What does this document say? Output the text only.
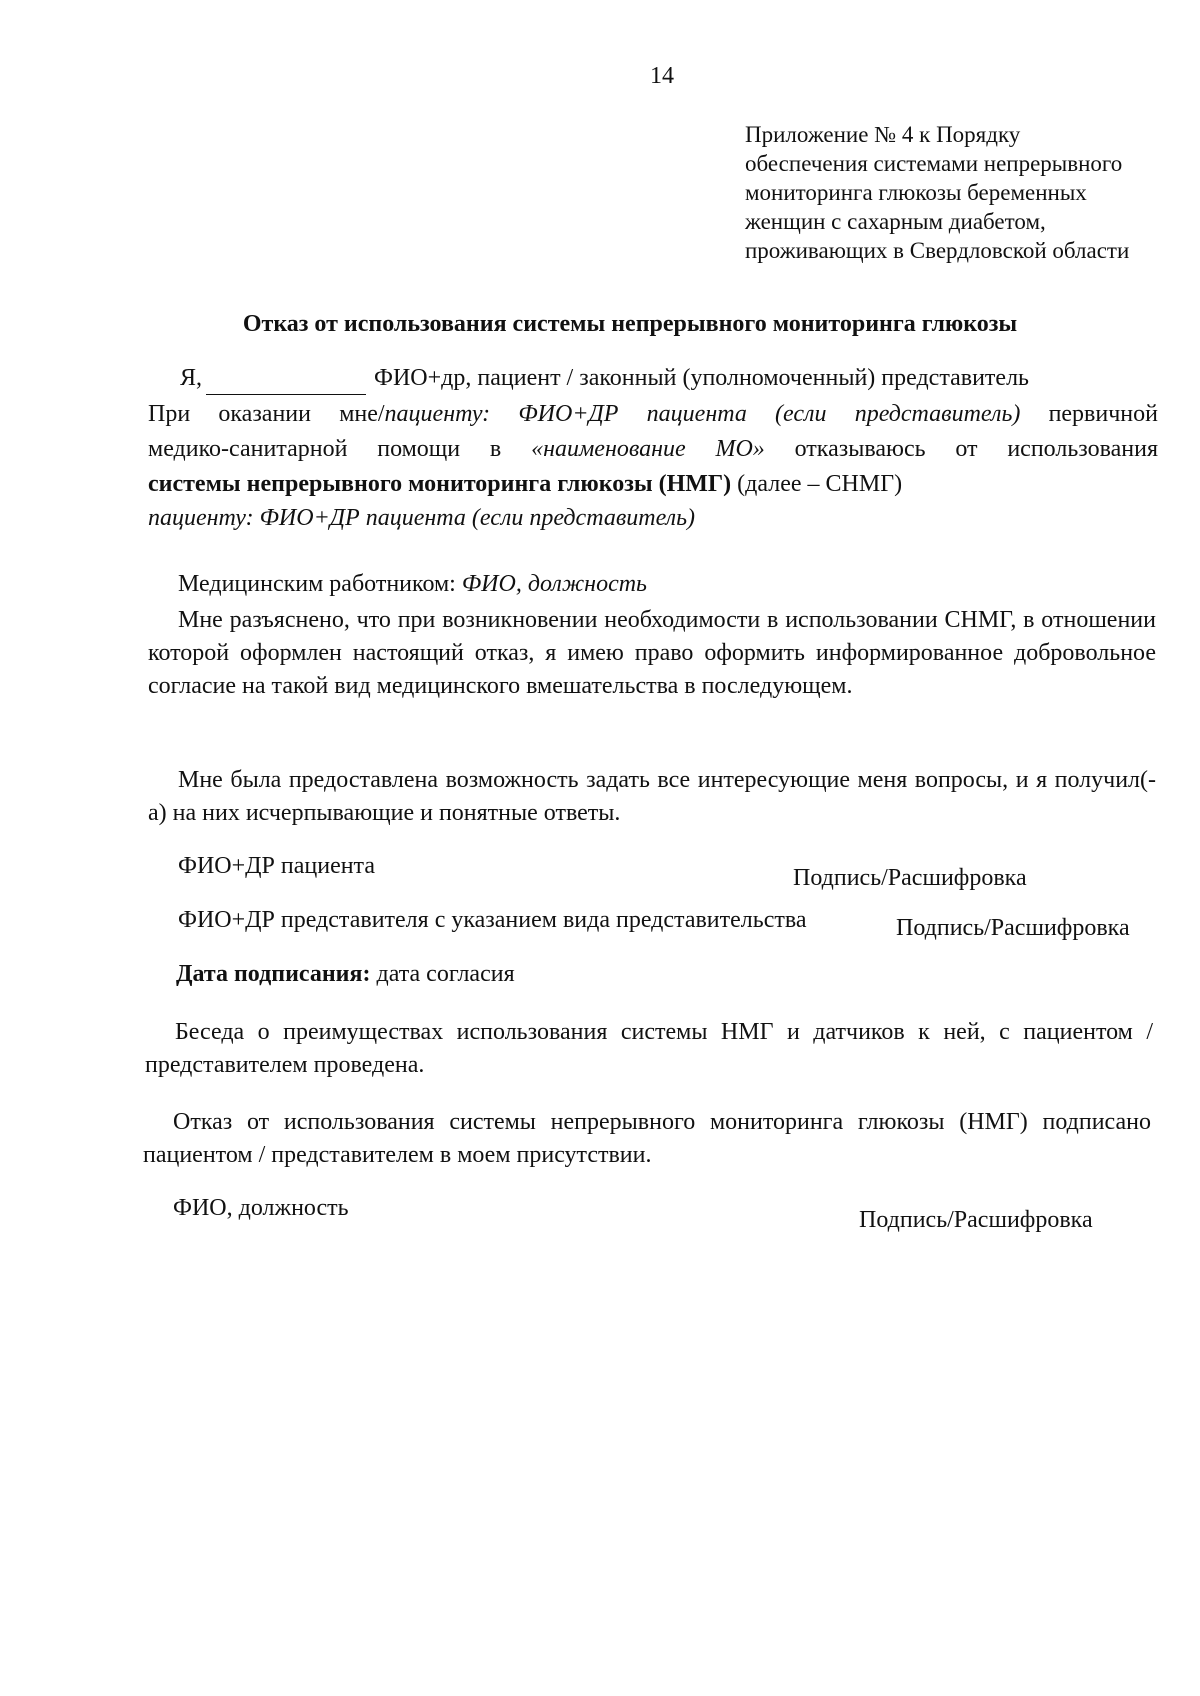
14
Приложение № 4 к Порядку
обеспечения системами непрерывного
мониторинга глюкозы беременных
женщин с сахарным диабетом,
проживающих в Свердловской области
Отказ от использования системы непрерывного мониторинга глюкозы
Я,	ФИО+др, пациент / законный (уполномоченный) представитель
При оказании мне/пациенту: ФИО+ДР пациента (если представитель) первичной
медико-санитарной помощи в «наименование МО» отказываюсь от использования
системы непрерывного мониторинга глюкозы (НМГ) (далее – СНМГ)
пациенту: ФИО+ДР пациента (если представитель)
Медицинским работником: ФИО, должность
Мне разъяснено, что при возникновении необходимости в использовании СНМГ, в отношении которой оформлен настоящий отказ, я имею право оформить информированное добровольное согласие на такой вид медицинского вмешательства в последующем.
Мне была предоставлена возможность задать все интересующие меня вопросы, и я получил(-а) на них исчерпывающие и понятные ответы.
ФИО+ДР пациента	Подпись/Расшифровка
ФИО+ДР представителя с указанием вида представительства	Подпись/Расшифровка
Дата подписания: дата согласия
Беседа о преимуществах использования системы НМГ и датчиков к ней, с пациентом / представителем проведена.
Отказ от использования системы непрерывного мониторинга глюкозы (НМГ) подписано пациентом / представителем в моем присутствии.
ФИО, должность	Подпись/Расшифровка
